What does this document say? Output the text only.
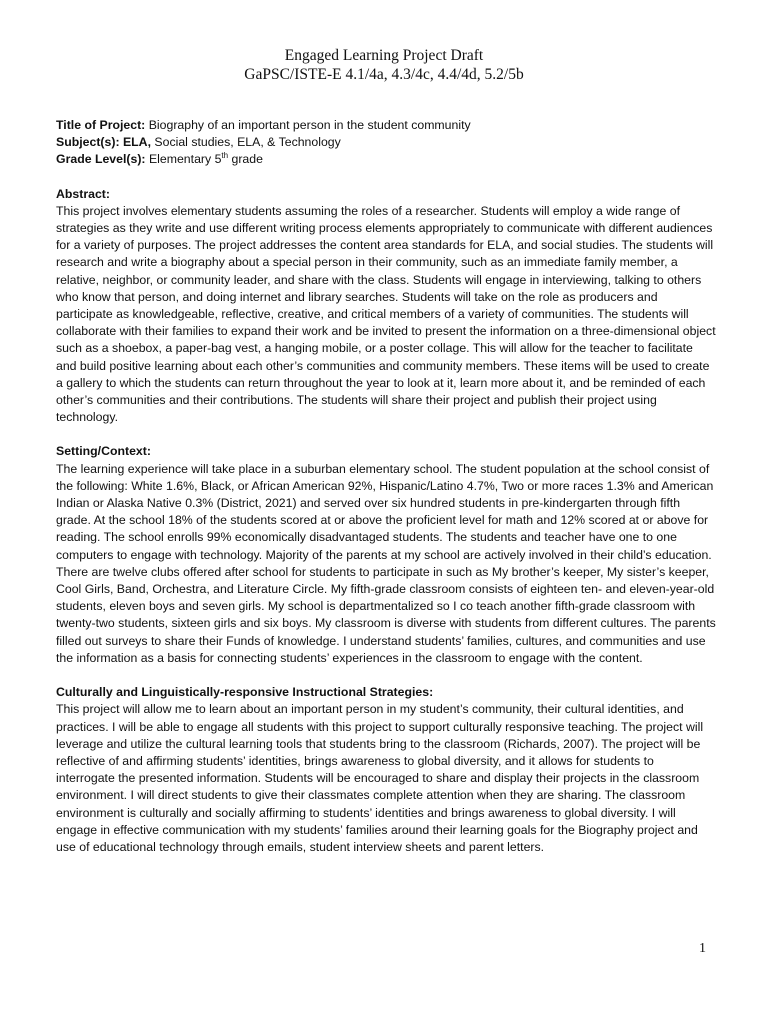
Engaged Learning Project Draft
GaPSC/ISTE-E 4.1/4a, 4.3/4c, 4.4/4d, 5.2/5b

Title of Project: Biography of an important person in the student community

Subject(s): ELA, Social studies, ELA, & Technology

Grade Level(s): Elementary 5th grade

Abstract:

This project involves elementary students assuming the roles of a researcher. Students will employ a wide range of strategies as they write and use different writing process elements appropriately to communicate with different audiences for a variety of purposes. The project addresses the content area standards for ELA, and social studies. The students will research and write a biography about a special person in their community, such as an immediate family member, a relative, neighbor, or community leader, and share with the class. Students will engage in interviewing, talking to others who know that person, and doing internet and library searches. Students will take on the role as producers and participate as knowledgeable, reflective, creative, and critical members of a variety of communities. The students will collaborate with their families to expand their work and be invited to present the information on a three-dimensional object such as a shoebox, a paper-bag vest, a hanging mobile, or a poster collage. This will allow for the teacher to facilitate and build positive learning about each other’s communities and community members. These items will be used to create a gallery to which the students can return throughout the year to look at it, learn more about it, and be reminded of each other’s communities and their contributions. The students will share their project and publish their project using technology.

Setting/Context:

The learning experience will take place in a suburban elementary school. The student population at the school consist of the following: White 1.6%, Black, or African American 92%, Hispanic/Latino 4.7%, Two or more races 1.3% and American Indian or Alaska Native 0.3% (District, 2021) and served over six hundred students in pre-kindergarten through fifth grade. At the school 18% of the students scored at or above the proficient level for math and 12% scored at or above for reading. The school enrolls 99% economically disadvantaged students. The students and teacher have one to one computers to engage with technology. Majority of the parents at my school are actively involved in their child’s education. There are twelve clubs offered after school for students to participate in such as My brother’s keeper, My sister’s keeper, Cool Girls, Band, Orchestra, and Literature Circle. My fifth-grade classroom consists of eighteen ten- and eleven-year-old students, eleven boys and seven girls. My school is departmentalized so I co teach another fifth-grade classroom with twenty-two students, sixteen girls and six boys. My classroom is diverse with students from different cultures. The parents filled out surveys to share their Funds of knowledge. I understand students’ families, cultures, and communities and use the information as a basis for connecting students’ experiences in the classroom to engage with the content.

Culturally and Linguistically-responsive Instructional Strategies:

This project will allow me to learn about an important person in my student’s community, their cultural identities, and practices. I will be able to engage all students with this project to support culturally responsive teaching. The project will leverage and utilize the cultural learning tools that students bring to the classroom (Richards, 2007). The project will be reflective of and affirming students’ identities, brings awareness to global diversity, and it allows for students to interrogate the presented information. Students will be encouraged to share and display their projects in the classroom environment. I will direct students to give their classmates complete attention when they are sharing. The classroom environment is culturally and socially affirming to students’ identities and brings awareness to global diversity. I will engage in effective communication with my students’ families around their learning goals for the Biography project and use of educational technology through emails, student interview sheets and parent letters.

1
